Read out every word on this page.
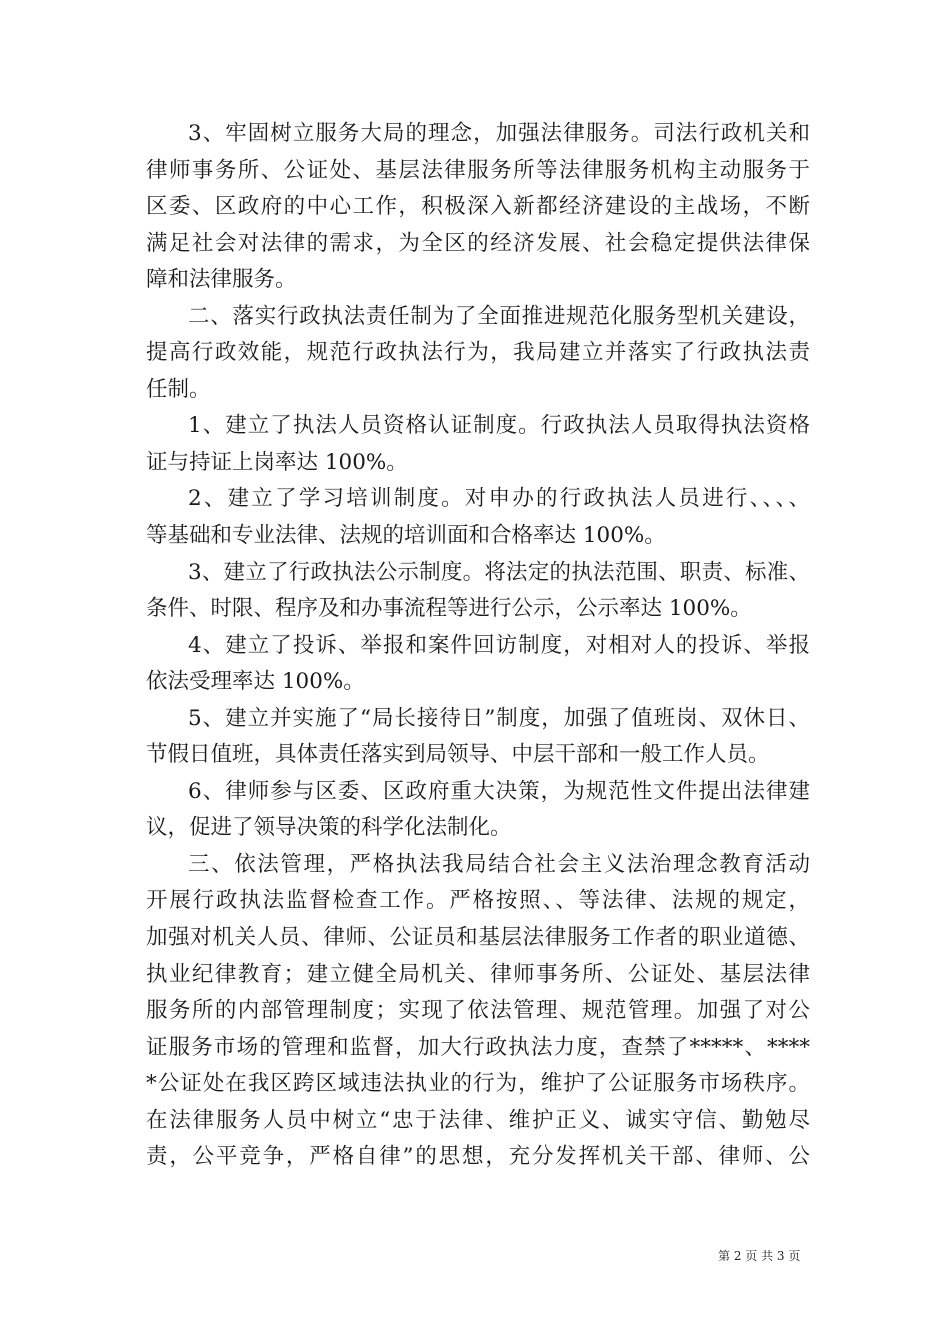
3、牢固树立服务大局的理念，加强法律服务。司法行政机关和
律师事务所、公证处、基层法律服务所等法律服务机构主动服务于
区委、区政府的中心工作，积极深入新都经济建设的主战场，不断
满足社会对法律的需求，为全区的经济发展、社会稳定提供法律保
障和法律服务。
二、落实行政执法责任制为了全面推进规范化服务型机关建设，
提高行政效能，规范行政执法行为，我局建立并落实了行政执法责
任制。
1、建立了执法人员资格认证制度。行政执法人员取得执法资格
证与持证上岗率达 100%。
2、建立了学习培训制度。对申办的行政执法人员进行、、、、
等基础和专业法律、法规的培训面和合格率达 100%。
3、建立了行政执法公示制度。将法定的执法范围、职责、标准、
条件、时限、程序及和办事流程等进行公示，公示率达 100%。
4、建立了投诉、举报和案件回访制度，对相对人的投诉、举报
依法受理率达 100%。
5、建立并实施了“局长接待日”制度，加强了值班岗、双休日、
节假日值班，具体责任落实到局领导、中层干部和一般工作人员。
6、律师参与区委、区政府重大决策，为规范性文件提出法律建
议，促进了领导决策的科学化法制化。
三、依法管理，严格执法我局结合社会主义法治理念教育活动
开展行政执法监督检查工作。严格按照、、等法律、法规的规定，
加强对机关人员、律师、公证员和基层法律服务工作者的职业道德、
执业纪律教育；建立健全局机关、律师事务所、公证处、基层法律
服务所的内部管理制度；实现了依法管理、规范管理。加强了对公
证服务市场的管理和监督，加大行政执法力度，查禁了*****、****
*公证处在我区跨区域违法执业的行为，维护了公证服务市场秩序。
在法律服务人员中树立“忠于法律、维护正义、诚实守信、勤勉尽
责，公平竞争，严格自律”的思想，充分发挥机关干部、律师、公
第 2 页 共 3 页
